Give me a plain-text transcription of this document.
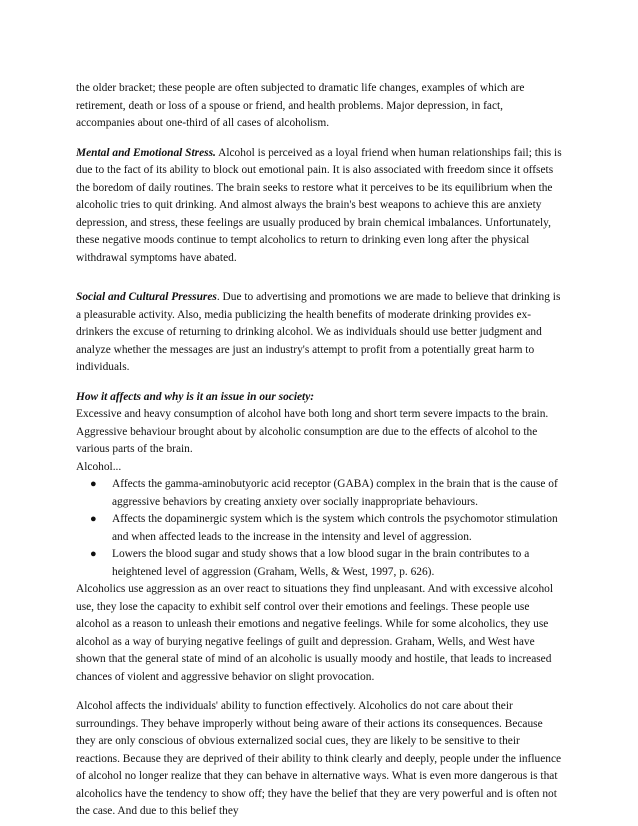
the older bracket; these people are often subjected to dramatic life changes, examples of which are retirement, death or loss of a spouse or friend, and health problems. Major depression, in fact, accompanies about one-third of all cases of alcoholism.

Mental and Emotional Stress. Alcohol is perceived as a loyal friend when human relationships fail; this is due to the fact of its ability to block out emotional pain. It is also associated with freedom since it offsets the boredom of daily routines. The brain seeks to restore what it perceives to be its equilibrium when the alcoholic tries to quit drinking. And almost always the brain's best weapons to achieve this are anxiety depression, and stress, these feelings are usually produced by brain chemical imbalances. Unfortunately, these negative moods continue to tempt alcoholics to return to drinking even long after the physical withdrawal symptoms have abated.

Social and Cultural Pressures. Due to advertising and promotions we are made to believe that drinking is a pleasurable activity. Also, media publicizing the health benefits of moderate drinking provides ex-drinkers the excuse of returning to drinking alcohol. We as individuals should use better judgment and analyze whether the messages are just an industry's attempt to profit from a potentially great harm to individuals.

How it affects and why is it an issue in our society:

Excessive and heavy consumption of alcohol have both long and short term severe impacts to the brain. Aggressive behaviour brought about by alcoholic consumption are due to the effects of alcohol to the various parts of the brain.

Alcohol...

● Affects the gamma-aminobutyoric acid receptor (GABA) complex in the brain that is the cause of aggressive behaviors by creating anxiety over socially inappropriate behaviours.
● Affects the dopaminergic system which is the system which controls the psychomotor stimulation and when affected leads to the increase in the intensity and level of aggression.
● Lowers the blood sugar and study shows that a low blood sugar in the brain contributes to a heightened level of aggression (Graham, Wells, & West, 1997, p. 626).

Alcoholics use aggression as an over react to situations they find unpleasant. And with excessive alcohol use, they lose the capacity to exhibit self control over their emotions and feelings. These people use alcohol as a reason to unleash their emotions and negative feelings. While for some alcoholics, they use alcohol as a way of burying negative feelings of guilt and depression. Graham, Wells, and West have shown that the general state of mind of an alcoholic is usually moody and hostile, that leads to increased chances of violent and aggressive behavior on slight provocation.

Alcohol affects the individuals' ability to function effectively. Alcoholics do not care about their surroundings. They behave improperly without being aware of their actions its consequences. Because they are only conscious of obvious externalized social cues, they are likely to be sensitive to their reactions. Because they are deprived of their ability to think clearly and deeply, people under the influence of alcohol no longer realize that they can behave in alternative ways. What is even more dangerous is that alcoholics have the tendency to show off; they have the belief that they are very powerful and is often not the case. And due to this belief they
